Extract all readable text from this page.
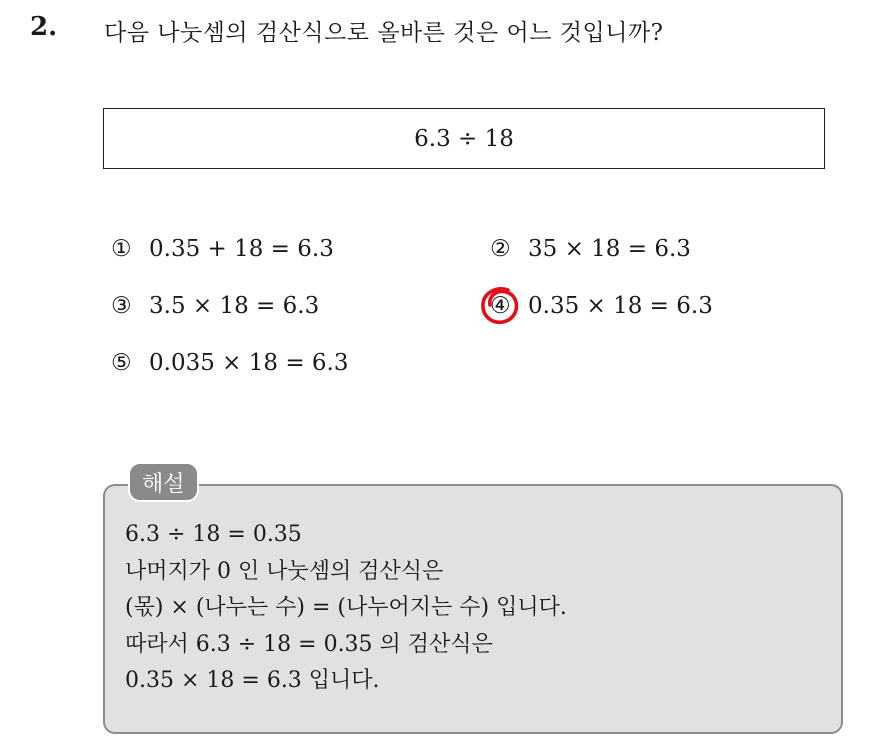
2. 다음 나눗셈의 검산식으로 올바른 것은 어느 것입니까?
6.3 ÷ 18
① 0.35 + 18 = 6.3	② 35 × 18 = 6.3
③ 3.5 × 18 = 6.3	④ 0.35 × 18 = 6.3
⑤ 0.035 × 18 = 6.3
해설
6.3 ÷ 18 = 0.35
나머지가 0 인 나눗셈의 검산식은
(몫) × (나누는 수) = (나누어지는 수) 입니다.
따라서 6.3 ÷ 18 = 0.35 의 검산식은
0.35 × 18 = 6.3 입니다.
